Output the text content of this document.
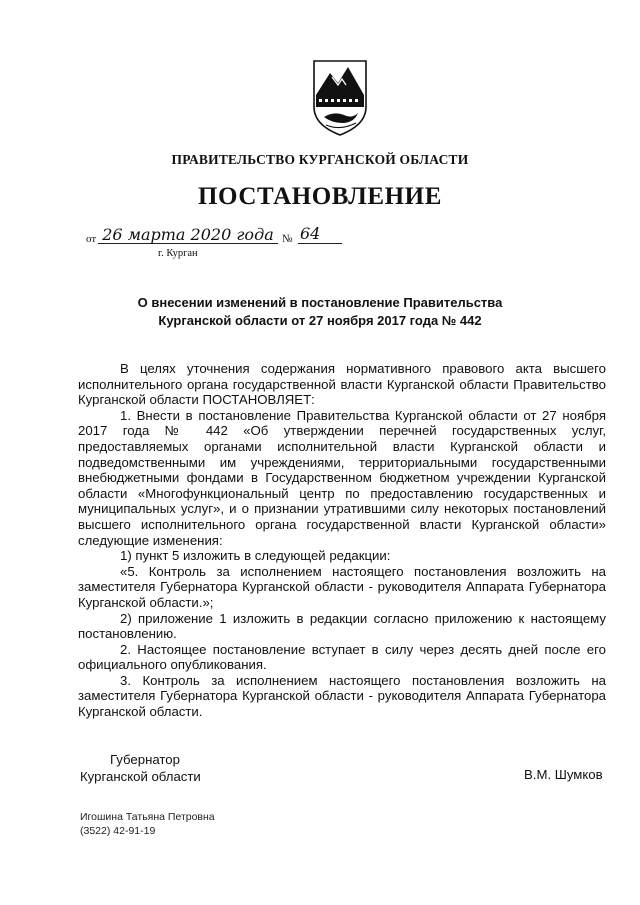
ПРАВИТЕЛЬСТВО КУРГАНСКОЙ ОБЛАСТИ
ПОСТАНОВЛЕНИЕ
от 26 марта 2020 года № 64
г. Курган
О внесении изменений в постановление Правительства
Курганской области от 27 ноября 2017 года № 442

В целях уточнения содержания нормативного правового акта высшего исполнительного органа государственной власти Курганской области Правительство Курганской области ПОСТАНОВЛЯЕТ:

1. Внести в постановление Правительства Курганской области от 27 ноября 2017 года № 442 «Об утверждении перечней государственных услуг, предоставляемых органами исполнительной власти Курганской области и подведомственными им учреждениями, территориальными государственными внебюджетными фондами в Государственном бюджетном учреждении Курганской области «Многофункциональный центр по предоставлению государственных и муниципальных услуг», и о признании утратившими силу некоторых постановлений высшего исполнительного органа государственной власти Курганской области» следующие изменения:

1) пункт 5 изложить в следующей редакции:

«5. Контроль за исполнением настоящего постановления возложить на заместителя Губернатора Курганской области - руководителя Аппарата Губернатора Курганской области.»;

2) приложение 1 изложить в редакции согласно приложению к настоящему постановлению.

2. Настоящее постановление вступает в силу через десять дней после его официального опубликования.

3. Контроль за исполнением настоящего постановления возложить на заместителя Губернатора Курганской области - руководителя Аппарата Губернатора Курганской области.

Губернатор
Курганской области	В.М. Шумков
Игошина Татьяна Петровна
(3522) 42-91-19
